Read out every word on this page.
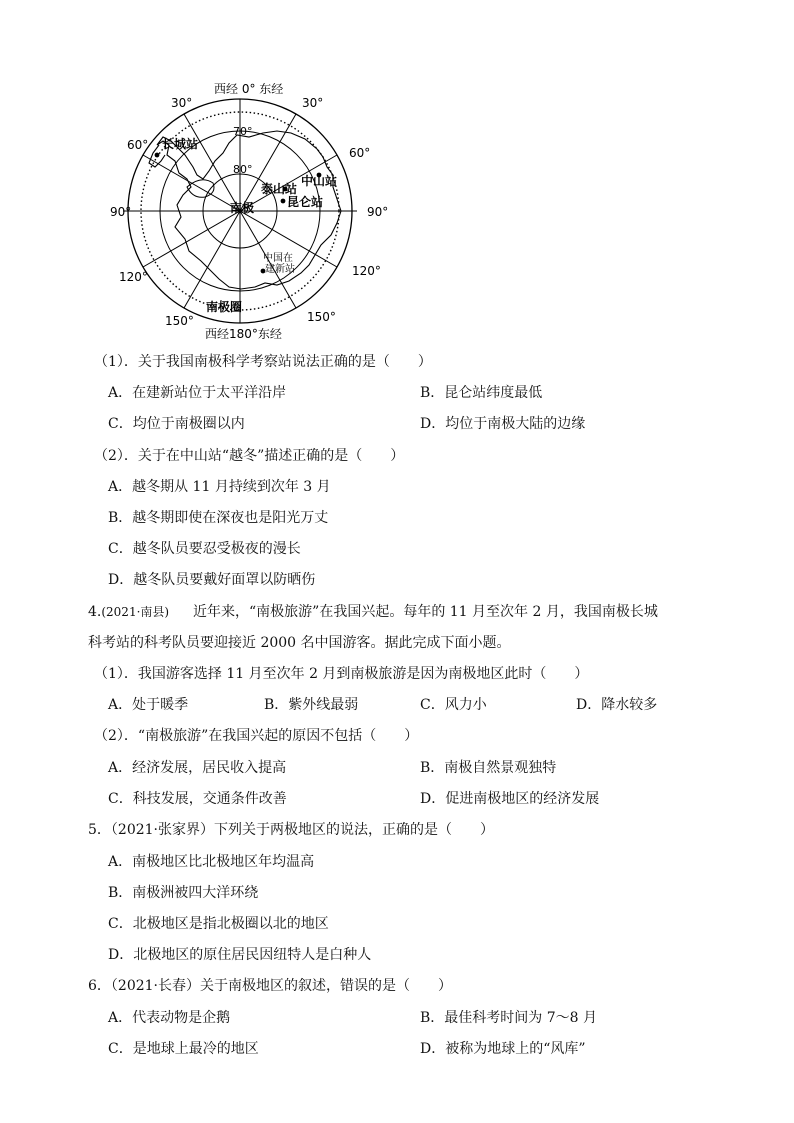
西经 0° 东经
西经180°东经
30°	30°
60°
60°
90°	90°
120°	120°
150°	150°
70°
80°
南极
长城站
泰山站
中山站
昆仑站
中国在
建新站
南极圈
（1）．关于我国南极科学考察站说法正确的是（　　）
A．在建新站位于太平洋沿岸	B．昆仑站纬度最低
C．均位于南极圈以内	D．均位于南极大陆的边缘
（2）．关于在中山站“越冬”描述正确的是（　　）
A．越冬期从 11 月持续到次年 3 月
B．越冬期即使在深夜也是阳光万丈
C．越冬队员要忍受极夜的漫长
D．越冬队员要戴好面罩以防晒伤
4.(2021·南县) 近年来，“南极旅游”在我国兴起。每年的 11 月至次年 2 月，我国南极长城
科考站的科考队员要迎接近 2000 名中国游客。据此完成下面小题。
（1）．我国游客选择 11 月至次年 2 月到南极旅游是因为南极地区此时（　　）
A．处于暖季	B．紫外线最弱	C．风力小	D．降水较多
（2）．“南极旅游”在我国兴起的原因不包括（　　）
A．经济发展，居民收入提高	B．南极自然景观独特
C．科技发展，交通条件改善	D．促进南极地区的经济发展
5．（2021·张家界）下列关于两极地区的说法，正确的是（　　）
A．南极地区比北极地区年均温高
B．南极洲被四大洋环绕
C．北极地区是指北极圈以北的地区
D．北极地区的原住居民因纽特人是白种人
6．（2021·长春）关于南极地区的叙述，错误的是（　　）
A．代表动物是企鹅	B．最佳科考时间为 7～8 月
C．是地球上最冷的地区	D．被称为地球上的“风库”
